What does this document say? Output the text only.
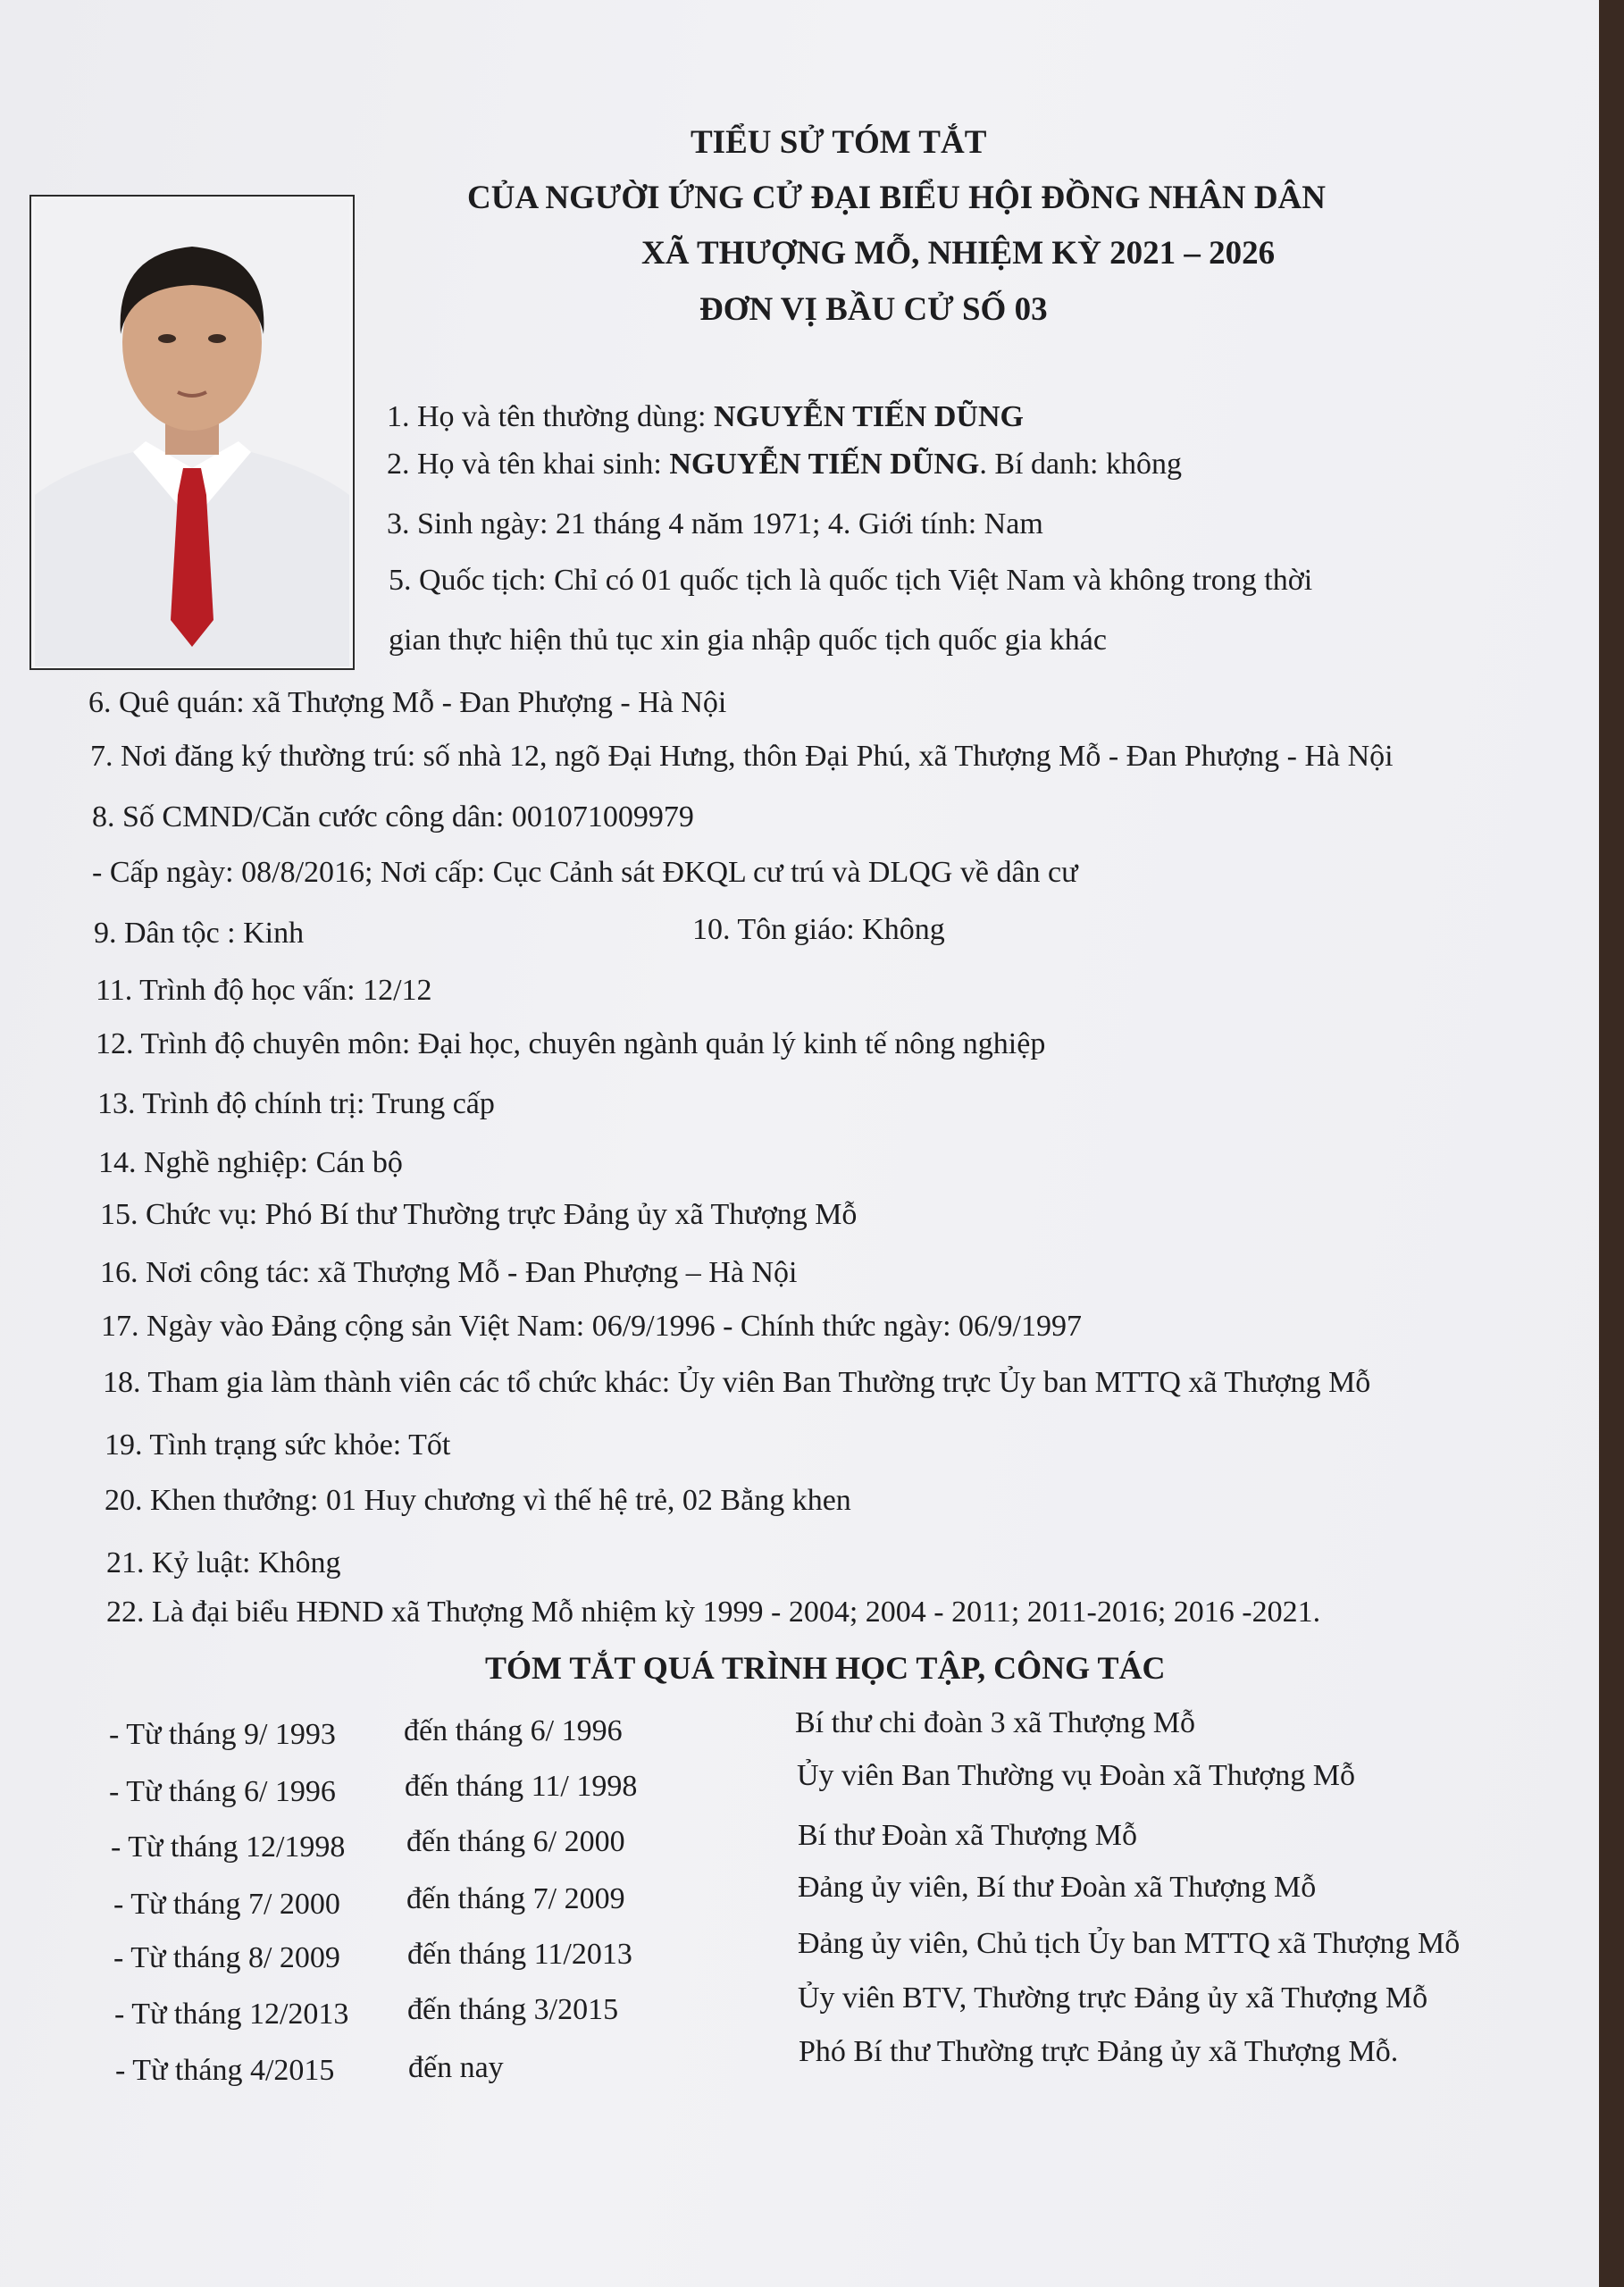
TIỂU SỬ TÓM TẮT
CỦA NGƯỜI ỨNG CỬ ĐẠI BIỂU HỘI ĐỒNG NHÂN DÂN
XÃ THƯỢNG MỖ, NHIỆM KỲ 2021 – 2026
ĐƠN VỊ BẦU CỬ SỐ 03
1. Họ và tên thường dùng: NGUYỄN TIẾN DŨNG
2. Họ và tên khai sinh: NGUYỄN TIẾN DŨNG. Bí danh: không
3. Sinh ngày: 21 tháng 4 năm 1971; 4. Giới tính: Nam
5. Quốc tịch: Chỉ có 01 quốc tịch là quốc tịch Việt Nam và không trong thời
gian thực hiện thủ tục xin gia nhập quốc tịch quốc gia khác
6. Quê quán: xã Thượng Mỗ - Đan Phượng - Hà Nội
7. Nơi đăng ký thường trú: số nhà 12, ngõ Đại Hưng, thôn Đại Phú, xã Thượng Mỗ - Đan Phượng - Hà Nội
8. Số CMND/Căn cước công dân: 001071009979
- Cấp ngày: 08/8/2016; Nơi cấp: Cục Cảnh sát ĐKQL cư trú và DLQG về dân cư
9. Dân tộc : Kinh	10. Tôn giáo: Không
11. Trình độ học vấn: 12/12
12. Trình độ chuyên môn: Đại học, chuyên ngành quản lý kinh tế nông nghiệp
13. Trình độ chính trị: Trung cấp
14. Nghề nghiệp: Cán bộ
15. Chức vụ: Phó Bí thư Thường trực Đảng ủy xã Thượng Mỗ
16. Nơi công tác: xã Thượng Mỗ - Đan Phượng – Hà Nội
17. Ngày vào Đảng cộng sản Việt Nam: 06/9/1996 - Chính thức ngày: 06/9/1997
18. Tham gia làm thành viên các tổ chức khác: Ủy viên Ban Thường trực Ủy ban MTTQ xã Thượng Mỗ
19. Tình trạng sức khỏe: Tốt
20. Khen thưởng: 01 Huy chương vì thế hệ trẻ, 02 Bằng khen
21. Kỷ luật: Không
22. Là đại biểu HĐND xã Thượng Mỗ nhiệm kỳ 1999 - 2004; 2004 - 2011; 2011-2016; 2016 -2021.
TÓM TẮT QUÁ TRÌNH HỌC TẬP, CÔNG TÁC
- Từ tháng 9/ 1993 đến tháng 6/ 1996	Bí thư chi đoàn 3 xã Thượng Mỗ
- Từ tháng 6/ 1996 đến tháng 11/ 1998	Ủy viên Ban Thường vụ Đoàn xã Thượng Mỗ
- Từ tháng 12/1998 đến tháng 6/ 2000	Bí thư Đoàn xã Thượng Mỗ
- Từ tháng 7/ 2000 đến tháng 7/ 2009	Đảng ủy viên, Bí thư Đoàn xã Thượng Mỗ
- Từ tháng 8/ 2009 đến tháng 11/2013	Đảng ủy viên, Chủ tịch Ủy ban MTTQ xã Thượng Mỗ
- Từ tháng 12/2013 đến tháng 3/2015	Ủy viên BTV, Thường trực Đảng ủy xã Thượng Mỗ
- Từ tháng 4/2015 đến nay	Phó Bí thư Thường trực Đảng ủy xã Thượng Mỗ.
